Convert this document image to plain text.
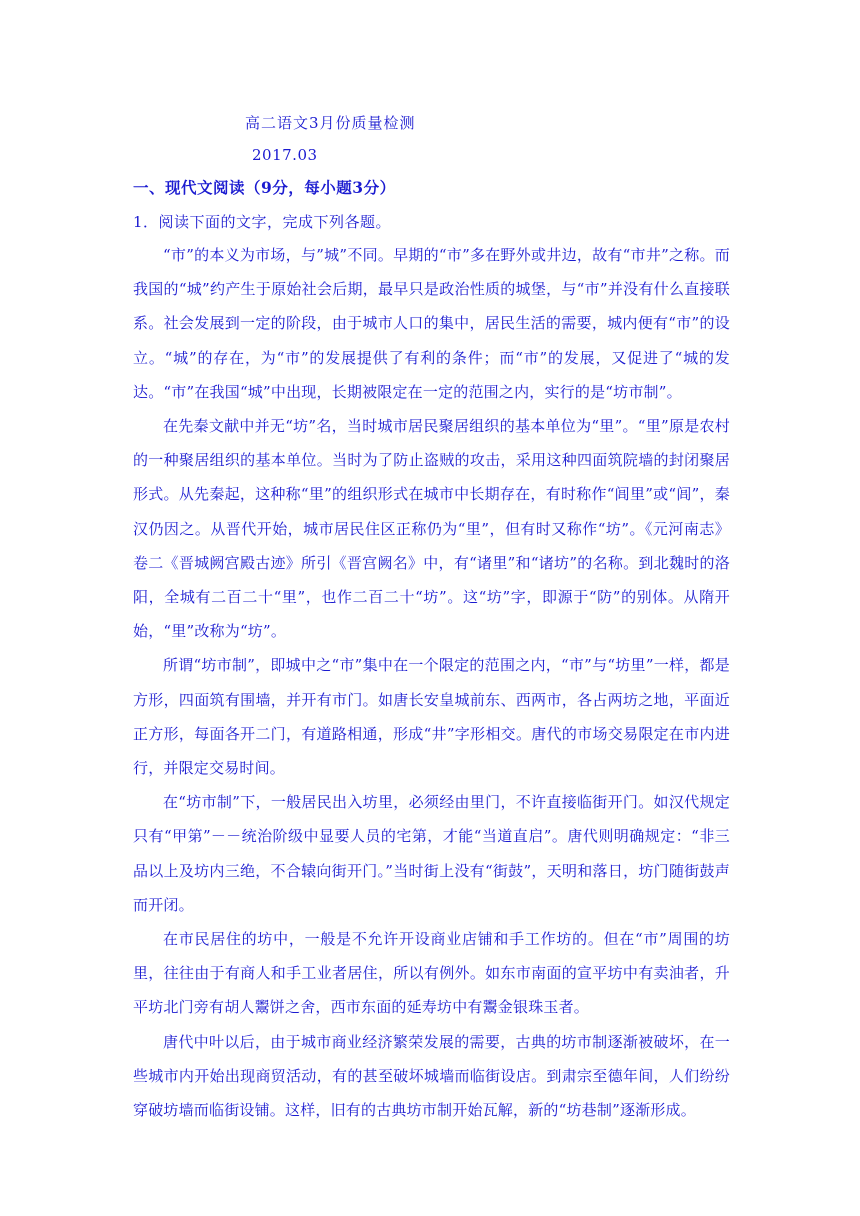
高二语文3月份质量检测
2017.03
一、现代文阅读（9分，每小题3分）
1．阅读下面的文字，完成下列各题。

“市”的本义为市场，与”城”不同。早期的“市”多在野外或井边，故有“市井”之称。而我国的“城”约产生于原始社会后期，最早只是政治性质的城堡，与“市”并没有什么直接联系。社会发展到一定的阶段，由于城市人口的集中，居民生活的需要，城内便有“市”的设立。“城”的存在，为“市”的发展提供了有利的条件；而“市”的发展，又促进了“城的发达。“市”在我国“城”中出现，长期被限定在一定的范围之内，实行的是“坊市制”。

在先秦文献中并无“坊”名，当时城市居民聚居组织的基本单位为“里”。“里”原是农村的一种聚居组织的基本单位。当时为了防止盗贼的攻击，采用这种四面筑院墙的封闭聚居形式。从先秦起，这种称“里”的组织形式在城市中长期存在，有时称作“闾里”或“闾”，秦汉仍因之。从晋代开始，城市居民住区正称仍为“里”，但有时又称作“坊”。《元河南志》卷二《晋城阙宫殿古迹》所引《晋宫阙名》中，有“诸里”和“诸坊”的名称。到北魏时的洛阳，全城有二百二十“里”，也作二百二十“坊”。这“坊”字，即源于“防”的别体。从隋开始，“里”改称为“坊”。

所谓“坊市制”，即城中之“市”集中在一个限定的范围之内，“市”与“坊里”一样，都是方形，四面筑有围墙，并开有市门。如唐长安皇城前东、西两市，各占两坊之地，平面近正方形，每面各开二门，有道路相通，形成“井”字形相交。唐代的市场交易限定在市内进行，并限定交易时间。

在“坊市制”下，一般居民出入坊里，必须经由里门，不许直接临街开门。如汉代规定只有“甲第”－－统治阶级中显要人员的宅第，才能“当道直启”。唐代则明确规定：“非三品以上及坊内三绝，不合辕向街开门。”当时街上没有“街鼓”，天明和落日，坊门随街鼓声而开闭。

在市民居住的坊中，一般是不允许开设商业店铺和手工作坊的。但在“市”周围的坊里，往往由于有商人和手工业者居住，所以有例外。如东市南面的宣平坊中有卖油者，升平坊北门旁有胡人鬻饼之舍，西市东面的延寿坊中有鬻金银珠玉者。

唐代中叶以后，由于城市商业经济繁荣发展的需要，古典的坊市制逐渐被破坏，在一些城市内开始出现商贸活动，有的甚至破坏城墙而临街设店。到肃宗至德年间，人们纷纷穿破坊墙而临街设铺。这样，旧有的古典坊市制开始瓦解，新的“坊巷制”逐渐形成。
